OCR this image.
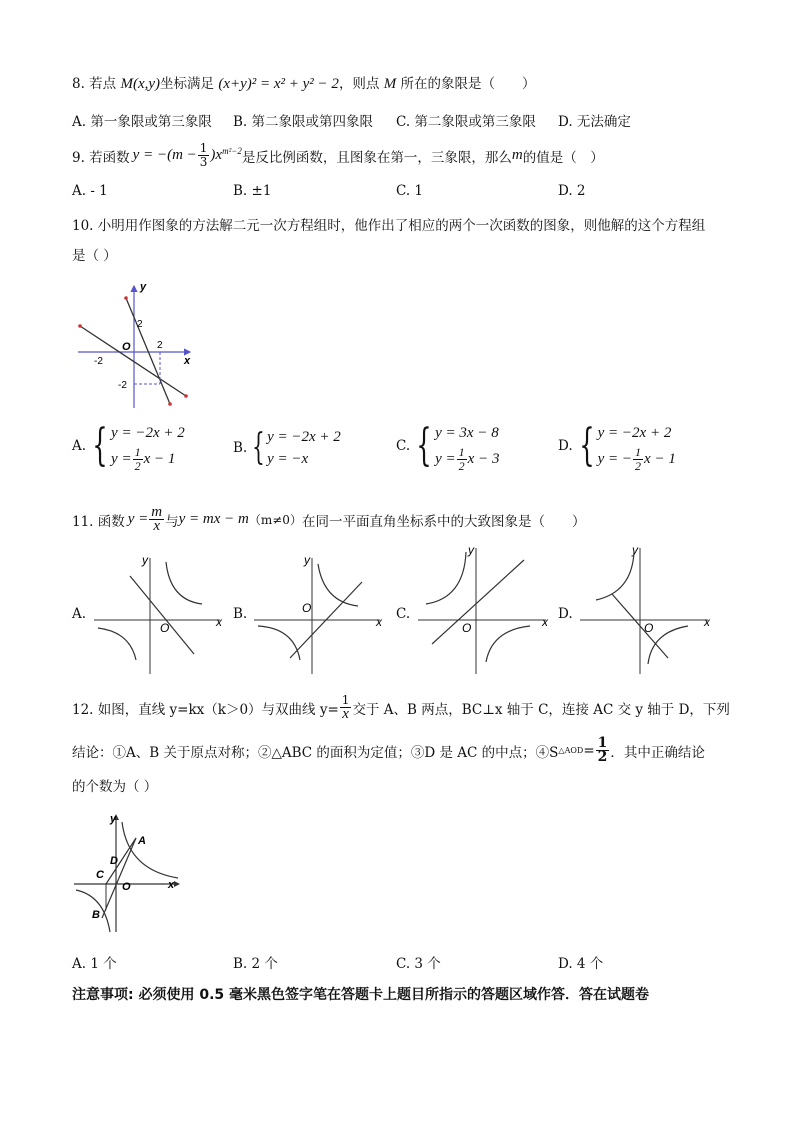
8. 若点 M(x,y)坐标满足 (x+y)² = x² + y² − 2，则点 M 所在的象限是（　　）
A. 第一象限或第三象限 B. 第二象限或第四象限 C. 第二象限或第三象限 D. 无法确定
9. 若函数 $y = -(m - \frac{1}{3} )x^{m^2-2}$ 是反比例函数，且图象在第一，三象限，那么 m 的值是（　）
A. - 1	B. ±1	C. 1	D. 2
10. 小明用作图象的方法解二元一次方程组时，他作出了相应的两个一次函数的图象，则他解的这个方程组
是（ ）
y
x
O
2
2
-2
-2
A. { y = −2x + 2
$y = \frac{1}{2}$ x − 1
B. { y = −2x + 2
y = −x
C. { y = 3x − 8
$y = \frac{1}{2}$ x − 3
D. { y = −2x + 2
y = − $\frac{1}{2}$ x − 1
11. 函数 $y = \frac{m}{x}$ 与 y = mx − m （m≠0） 在同一平面直角坐标系中的大致图象是（　　）
A.	x
y
O
B.	x
y
O	C.	x
y
O
D.	x
y
O
12. 如图，直线 y=kx（k＞0）与双曲线 $y= \frac{1}{x}$ 交于 A、B 两点，BC⊥x 轴于 C，连接 AC 交 y 轴于 D，下列
结论：①A、B 关于原点对称；②△ABC 的面积为定值；③D 是 AC 的中点；④S △AOD = $\frac{1}{2}$ ．其中正确结论
的个数为（ ）
y
x
A
B
C
D
O
A. 1 个	B. 2 个	C. 3 个	D. 4 个
注意事项: 必须使用 0.5 毫米黑色签字笔在答题卡上题目所指示的答题区域作答．答在试题卷
